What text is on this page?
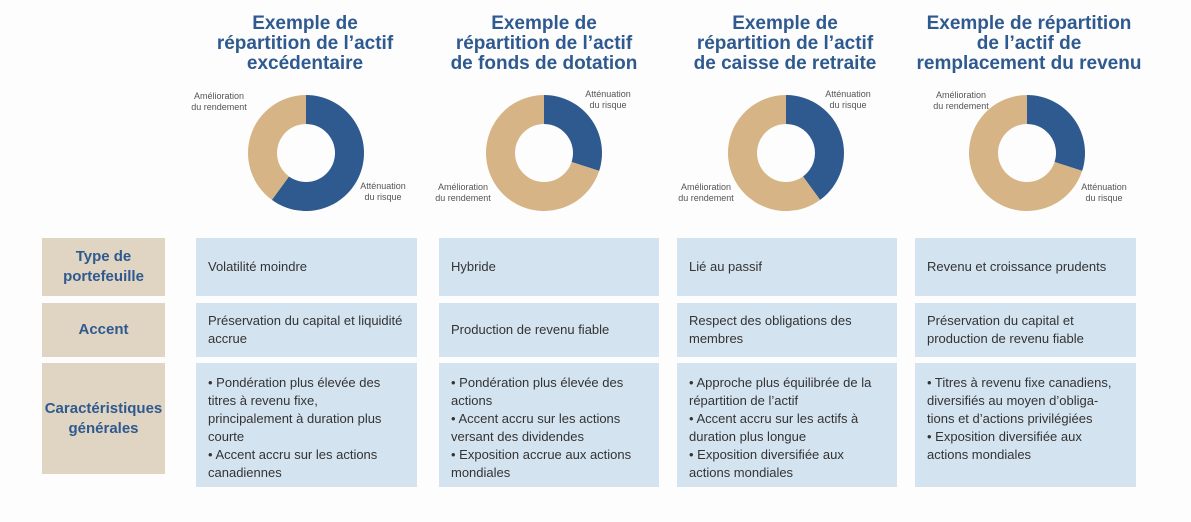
Exemple de
répartition de l’actif
excédentaire
Amélioration
du rendement
Atténuation
du risque
Exemple de
répartition de l’actif
de fonds de dotation
Atténuation
du risque
Amélioration
du rendement
Exemple de
répartition de l’actif
de caisse de retraite
Atténuation
du risque
Amélioration
du rendement
Exemple de répartition
de l’actif de
remplacement du revenu
Amélioration
du rendement
Atténuation
du risque
Type de
portefeuille
Accent
Caractéristiques
générales
Volatilité moindre
Préservation du capital et liquidité accrue
• Pondération plus élevée des titres à revenu fixe, principalement à duration plus courte
• Accent accru sur les actions canadiennes
Hybride
Production de revenu fiable
• Pondération plus élevée des actions
• Accent accru sur les actions versant des dividendes
• Exposition accrue aux actions mondiales
Lié au passif
Respect des obligations des membres
• Approche plus équilibrée de la répartition de l’actif
• Accent accru sur les actifs à duration plus longue
• Exposition diversifiée aux actions mondiales
Revenu et croissance prudents
Préservation du capital et production de revenu fiable
• Titres à revenu fixe canadiens, diversifiés au moyen d’obliga-tions et d’actions privilégiées
• Exposition diversifiée aux actions mondiales
